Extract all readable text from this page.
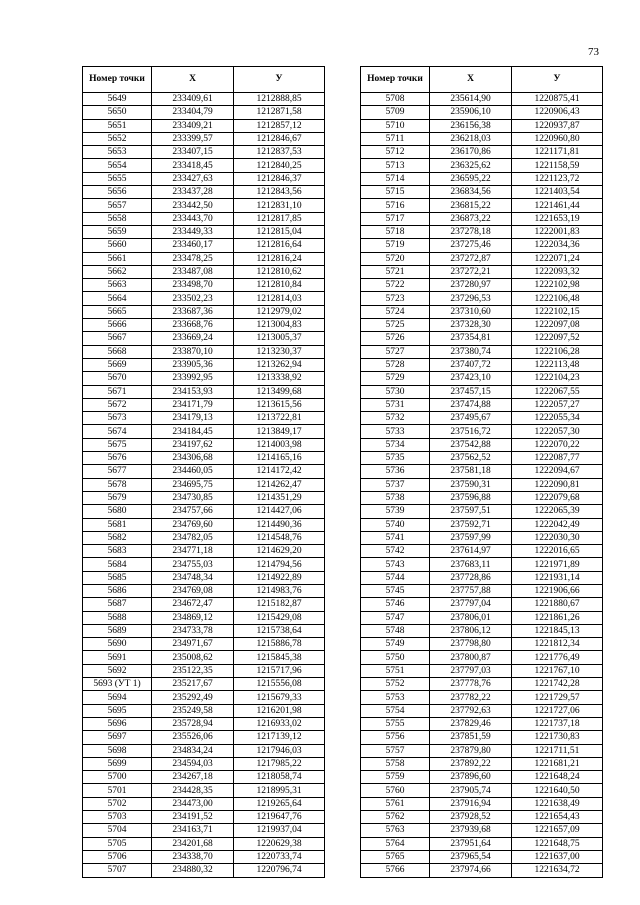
73
Номер точки	X	У
5649	233409,61	1212888,85
5650	233404,79	1212871,58
5651	233409,21	1212857,12
5652	233399,57	1212846,67
5653	233407,15	1212837,53
5654	233418,45	1212840,25
5655	233427,63	1212846,37
5656	233437,28	1212843,56
5657	233442,50	1212831,10
5658	233443,70	1212817,85
5659	233449,33	1212815,04
5660	233460,17	1212816,64
5661	233478,25	1212816,24
5662	233487,08	1212810,62
5663	233498,70	1212810,84
5664	233502,23	1212814,03
5665	233687,36	1212979,02
5666	233668,76	1213004,83
5667	233669,24	1213005,37
5668	233870,10	1213230,37
5669	233905,36	1213262,94
5670	233992,95	1213338,92
5671	234153,93	1213499,68
5672	234171,79	1213615,56
5673	234179,13	1213722,81
5674	234184,45	1213849,17
5675	234197,62	1214003,98
5676	234306,68	1214165,16
5677	234460,05	1214172,42
5678	234695,75	1214262,47
5679	234730,85	1214351,29
5680	234757,66	1214427,06
5681	234769,60	1214490,36
5682	234782,05	1214548,76
5683	234771,18	1214629,20
5684	234755,03	1214794,56
5685	234748,34	1214922,89
5686	234769,08	1214983,76
5687	234672,47	1215182,87
5688	234869,12	1215429,08
5689	234733,78	1215738,64
5690	234971,67	1215886,78
5691	235008,62	1215845,38
5692	235122,35	1215717,96
5693 (УТ 1)	235217,67	1215556,08
5694	235292,49	1215679,33
5695	235249,58	1216201,98
5696	235728,94	1216933,02
5697	235526,06	1217139,12
5698	234834,24	1217946,03
5699	234594,03	1217985,22
5700	234267,18	1218058,74
5701	234428,35	1218995,31
5702	234473,00	1219265,64
5703	234191,52	1219647,76
5704	234163,71	1219937,04
5705	234201,68	1220629,38
5706	234338,70	1220733,74
5707	234880,32	1220796,74
Номер точки	X	У
5708	235614,90	1220875,41
5709	235906,10	1220906,43
5710	236156,38	1220937,87
5711	236218,03	1220960,80
5712	236170,86	1221171,81
5713	236325,62	1221158,59
5714	236595,22	1221123,72
5715	236834,56	1221403,54
5716	236815,22	1221461,44
5717	236873,22	1221653,19
5718	237278,18	1222001,83
5719	237275,46	1222034,36
5720	237272,87	1222071,24
5721	237272,21	1222093,32
5722	237280,97	1222102,98
5723	237296,53	1222106,48
5724	237310,60	1222102,15
5725	237328,30	1222097,08
5726	237354,81	1222097,52
5727	237380,74	1222106,28
5728	237407,72	1222113,48
5729	237423,10	1222104,23
5730	237457,15	1222067,55
5731	237474,88	1222057,27
5732	237495,67	1222055,34
5733	237516,72	1222057,30
5734	237542,88	1222070,22
5735	237562,52	1222087,77
5736	237581,18	1222094,67
5737	237590,31	1222090,81
5738	237596,88	1222079,68
5739	237597,51	1222065,39
5740	237592,71	1222042,49
5741	237597,99	1222030,30
5742	237614,97	1222016,65
5743	237683,11	1221971,89
5744	237728,86	1221931,14
5745	237757,88	1221906,66
5746	237797,04	1221880,67
5747	237806,01	1221861,26
5748	237806,12	1221845,13
5749	237798,80	1221812,34
5750	237800,87	1221776,49
5751	237797,03	1221767,10
5752	237778,76	1221742,28
5753	237782,22	1221729,57
5754	237792,63	1221727,06
5755	237829,46	1221737,18
5756	237851,59	1221730,83
5757	237879,80	1221711,51
5758	237892,22	1221681,21
5759	237896,60	1221648,24
5760	237905,74	1221640,50
5761	237916,94	1221638,49
5762	237928,52	1221654,43
5763	237939,68	1221657,09
5764	237951,64	1221648,75
5765	237965,54	1221637,00
5766	237974,66	1221634,72
